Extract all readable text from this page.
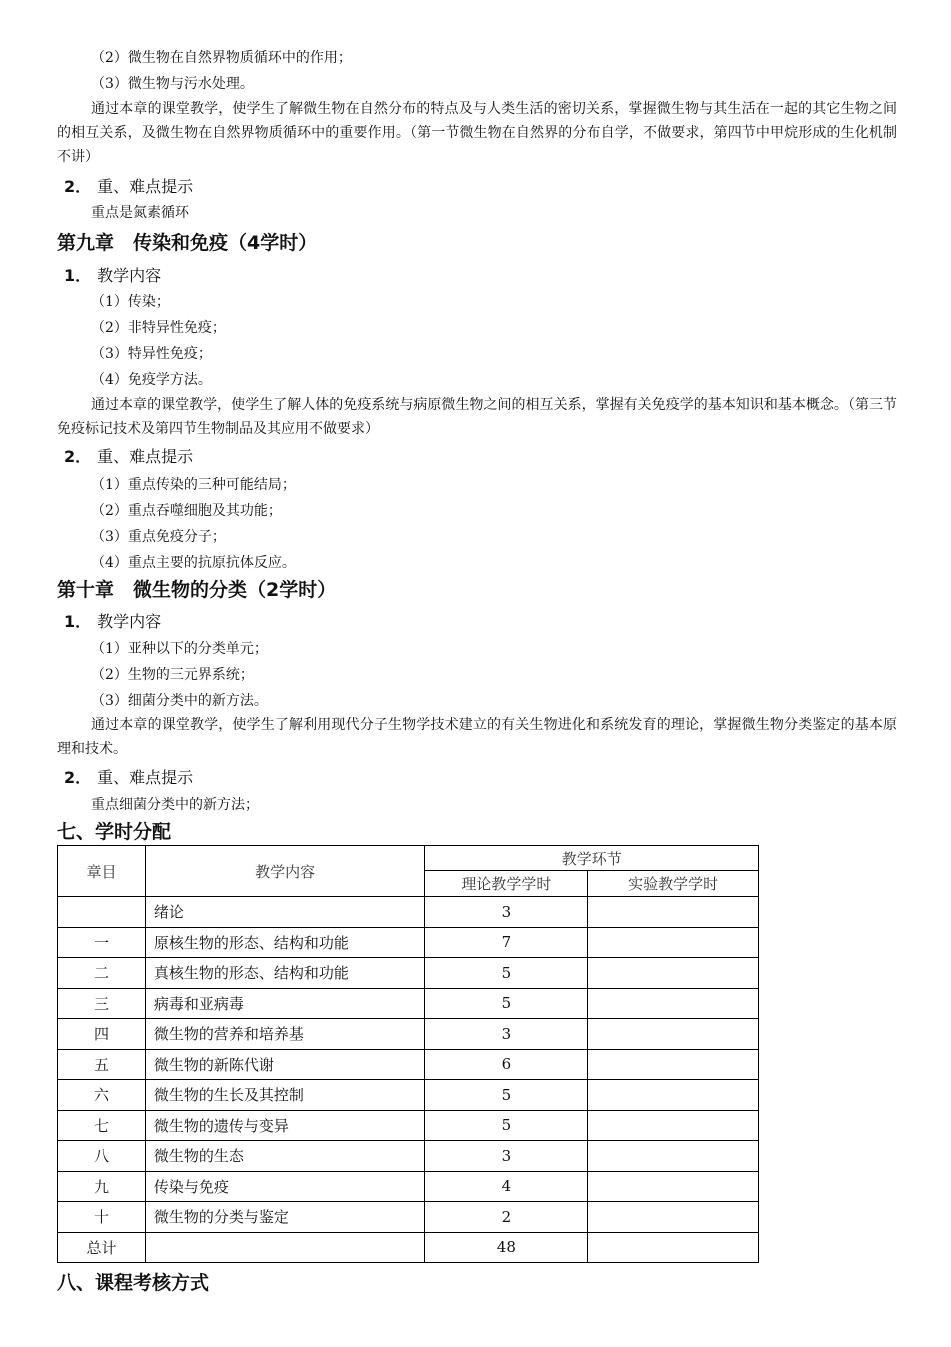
（2）微生物在自然界物质循环中的作用；
（3）微生物与污水处理。
通过本章的课堂教学，使学生了解微生物在自然分布的特点及与人类生活的密切关系，掌握微生物与其生活在一起的其它生物之间的相互关系，及微生物在自然界物质循环中的重要作用。（第一节微生物在自然界的分布自学，不做要求，第四节中甲烷形成的生化机制不讲）
2． 重、难点提示
重点是氮素循环
第九章　传染和免疫（4学时）
1． 教学内容
（1）传染；
（2）非特异性免疫；
（3）特异性免疫；
（4）免疫学方法。
通过本章的课堂教学，使学生了解人体的免疫系统与病原微生物之间的相互关系，掌握有关免疫学的基本知识和基本概念。（第三节免疫标记技术及第四节生物制品及其应用不做要求）
2． 重、难点提示
（1）重点传染的三种可能结局；
（2）重点吞噬细胞及其功能；
（3）重点免疫分子；
（4）重点主要的抗原抗体反应。
第十章　微生物的分类（2学时）
1． 教学内容
（1）亚种以下的分类单元；
（2）生物的三元界系统；
（3）细菌分类中的新方法。
通过本章的课堂教学，使学生了解利用现代分子生物学技术建立的有关生物进化和系统发育的理论，掌握微生物分类鉴定的基本原理和技术。
2． 重、难点提示
重点细菌分类中的新方法；
七、学时分配
章目	教学内容	教学环节	
		理论教学学时	实验教学学时
	绪论	3	
一	原核生物的形态、结构和功能	7	
二	真核生物的形态、结构和功能	5	
三	病毒和亚病毒	5	
四	微生物的营养和培养基	3	
五	微生物的新陈代谢	6	
六	微生物的生长及其控制	5	
七	微生物的遗传与变异	5	
八	微生物的生态	3	
九	传染与免疫	4	
十	微生物的分类与鉴定	2	
总计		48	
八、课程考核方式
